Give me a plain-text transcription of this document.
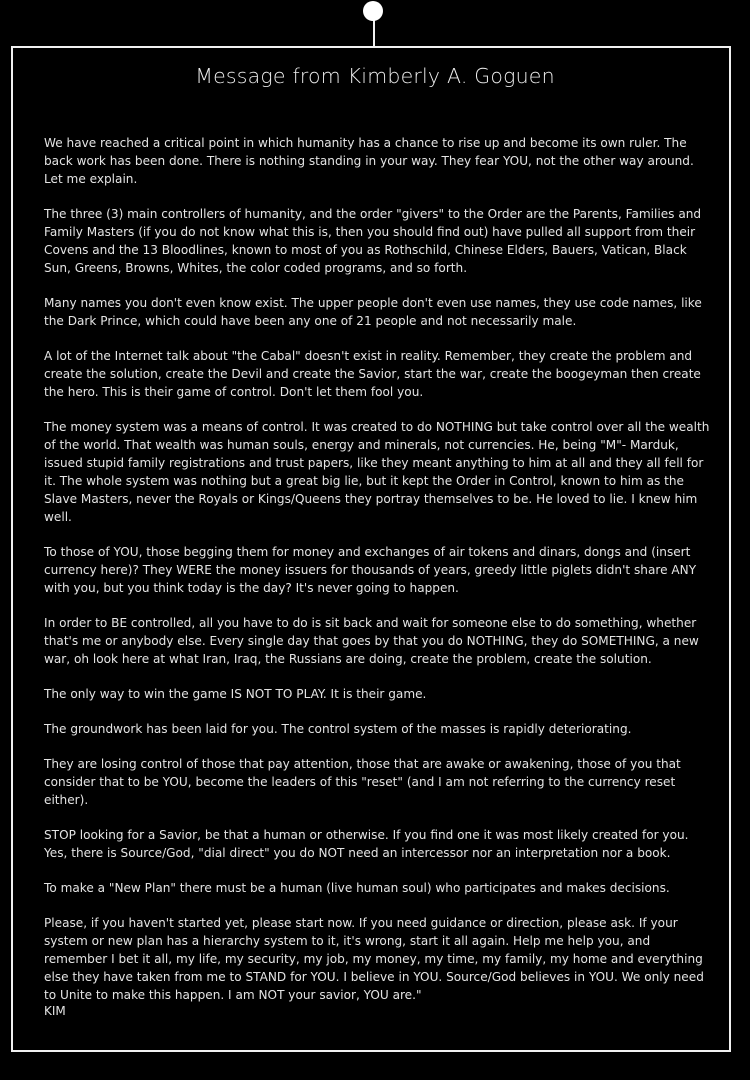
Message from Kimberly A. Goguen

We have reached a critical point in which humanity has a chance to rise up and become its own ruler. The back work has been done. There is nothing standing in your way. They fear YOU, not the other way around. Let me explain.

The three (3) main controllers of humanity, and the order "givers" to the Order are the Parents, Families and Family Masters (if you do not know what this is, then you should find out) have pulled all support from their Covens and the 13 Bloodlines, known to most of you as Rothschild, Chinese Elders, Bauers, Vatican, Black Sun, Greens, Browns, Whites, the color coded programs, and so forth.

Many names you don't even know exist. The upper people don't even use names, they use code names, like the Dark Prince, which could have been any one of 21 people and not necessarily male.

A lot of the Internet talk about "the Cabal" doesn't exist in reality. Remember, they create the problem and create the solution, create the Devil and create the Savior, start the war, create the boogeyman then create the hero. This is their game of control. Don't let them fool you.

The money system was a means of control. It was created to do NOTHING but take control over all the wealth of the world. That wealth was human souls, energy and minerals, not currencies. He, being "M"- Marduk, issued stupid family registrations and trust papers, like they meant anything to him at all and they all fell for it. The whole system was nothing but a great big lie, but it kept the Order in Control, known to him as the Slave Masters, never the Royals or Kings/Queens they portray themselves to be. He loved to lie. I knew him well.

To those of YOU, those begging them for money and exchanges of air tokens and dinars, dongs and (insert currency here)? They WERE the money issuers for thousands of years, greedy little piglets didn't share ANY with you, but you think today is the day? It's never going to happen.

In order to BE controlled, all you have to do is sit back and wait for someone else to do something, whether that's me or anybody else. Every single day that goes by that you do NOTHING, they do SOMETHING, a new war, oh look here at what Iran, Iraq, the Russians are doing, create the problem, create the solution.

The only way to win the game IS NOT TO PLAY. It is their game.

The groundwork has been laid for you. The control system of the masses is rapidly deteriorating.

They are losing control of those that pay attention, those that are awake or awakening, those of you that consider that to be YOU, become the leaders of this "reset" (and I am not referring to the currency reset either).

STOP looking for a Savior, be that a human or otherwise. If you find one it was most likely created for you. Yes, there is Source/God, "dial direct" you do NOT need an intercessor nor an interpretation nor a book.

To make a "New Plan" there must be a human (live human soul) who participates and makes decisions.

Please, if you haven't started yet, please start now. If you need guidance or direction, please ask. If your system or new plan has a hierarchy system to it, it's wrong, start it all again. Help me help you, and remember I bet it all, my life, my security, my job, my money, my time, my family, my home and everything else they have taken from me to STAND for YOU. I believe in YOU. Source/God believes in YOU. We only need to Unite to make this happen. I am NOT your savior, YOU are."

KIM
